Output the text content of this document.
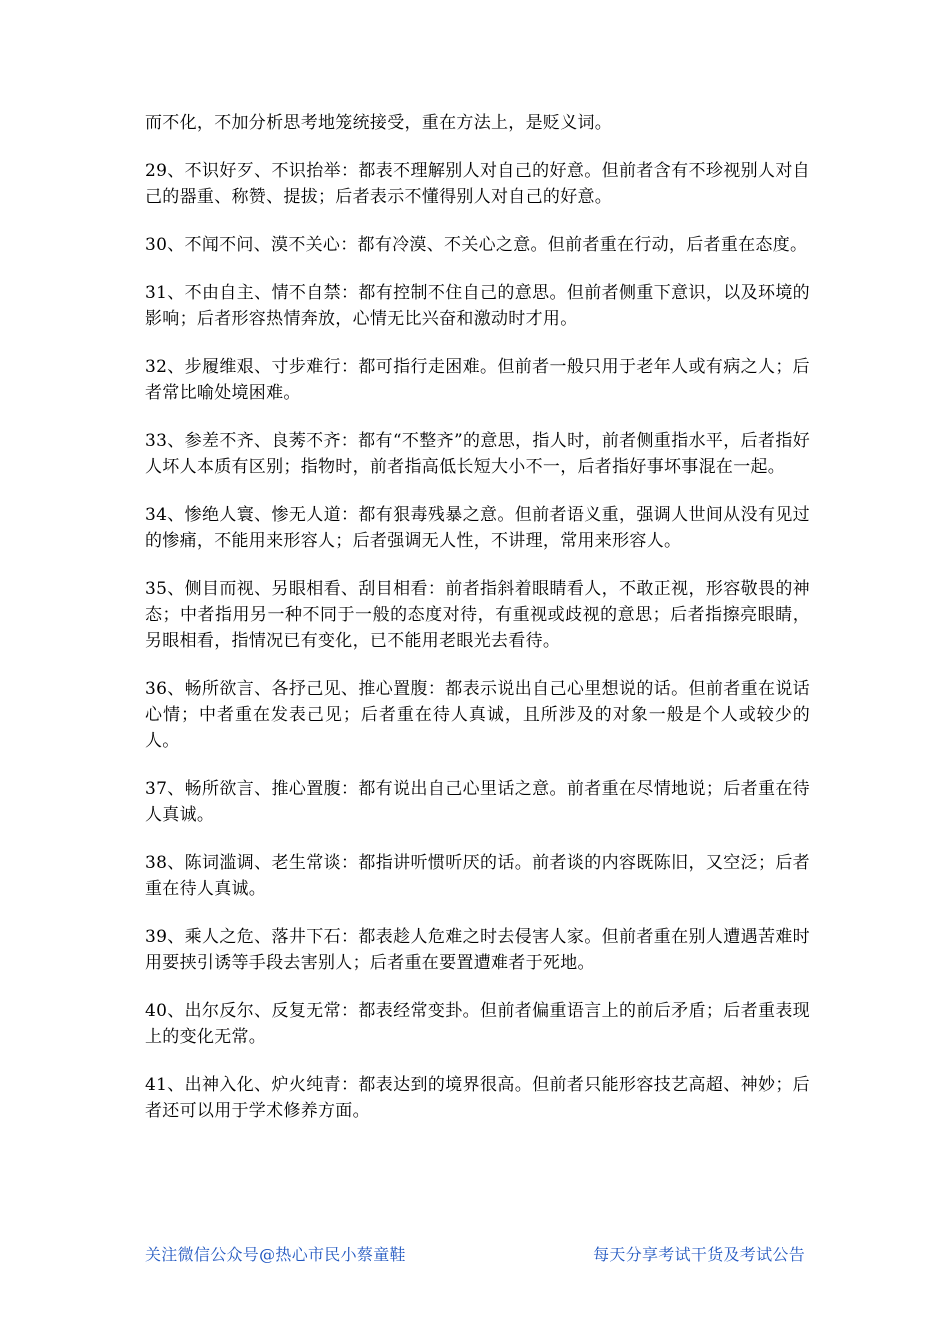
而不化，不加分析思考地笼统接受，重在方法上，是贬义词。

29、不识好歹、不识抬举：都表不理解别人对自己的好意。但前者含有不珍视别人对自己的器重、称赞、提拔；后者表示不懂得别人对自己的好意。

30、不闻不问、漠不关心：都有冷漠、不关心之意。但前者重在行动，后者重在态度。

31、不由自主、情不自禁：都有控制不住自己的意思。但前者侧重下意识，以及环境的影响；后者形容热情奔放，心情无比兴奋和激动时才用。

32、步履维艰、寸步难行：都可指行走困难。但前者一般只用于老年人或有病之人；后者常比喻处境困难。

33、参差不齐、良莠不齐：都有“不整齐”的意思，指人时，前者侧重指水平，后者指好人坏人本质有区别；指物时，前者指高低长短大小不一，后者指好事坏事混在一起。

34、惨绝人寰、惨无人道：都有狠毒残暴之意。但前者语义重，强调人世间从没有见过的惨痛，不能用来形容人；后者强调无人性，不讲理，常用来形容人。

35、侧目而视、另眼相看、刮目相看：前者指斜着眼睛看人，不敢正视，形容敬畏的神态；中者指用另一种不同于一般的态度对待，有重视或歧视的意思；后者指擦亮眼睛，另眼相看，指情况已有变化，已不能用老眼光去看待。

36、畅所欲言、各抒己见、推心置腹：都表示说出自己心里想说的话。但前者重在说话心情；中者重在发表己见；后者重在待人真诚，且所涉及的对象一般是个人或较少的人。

37、畅所欲言、推心置腹：都有说出自己心里话之意。前者重在尽情地说；后者重在待人真诚。

38、陈词滥调、老生常谈：都指讲听惯听厌的话。前者谈的内容既陈旧，又空泛；后者重在待人真诚。

39、乘人之危、落井下石：都表趁人危难之时去侵害人家。但前者重在别人遭遇苦难时用要挟引诱等手段去害别人；后者重在要置遭难者于死地。

40、出尔反尔、反复无常：都表经常变卦。但前者偏重语言上的前后矛盾；后者重表现上的变化无常。

41、出神入化、炉火纯青：都表达到的境界很高。但前者只能形容技艺高超、神妙；后者还可以用于学术修养方面。

关注微信公众号@热心市民小蔡童鞋	每天分享考试干货及考试公告
